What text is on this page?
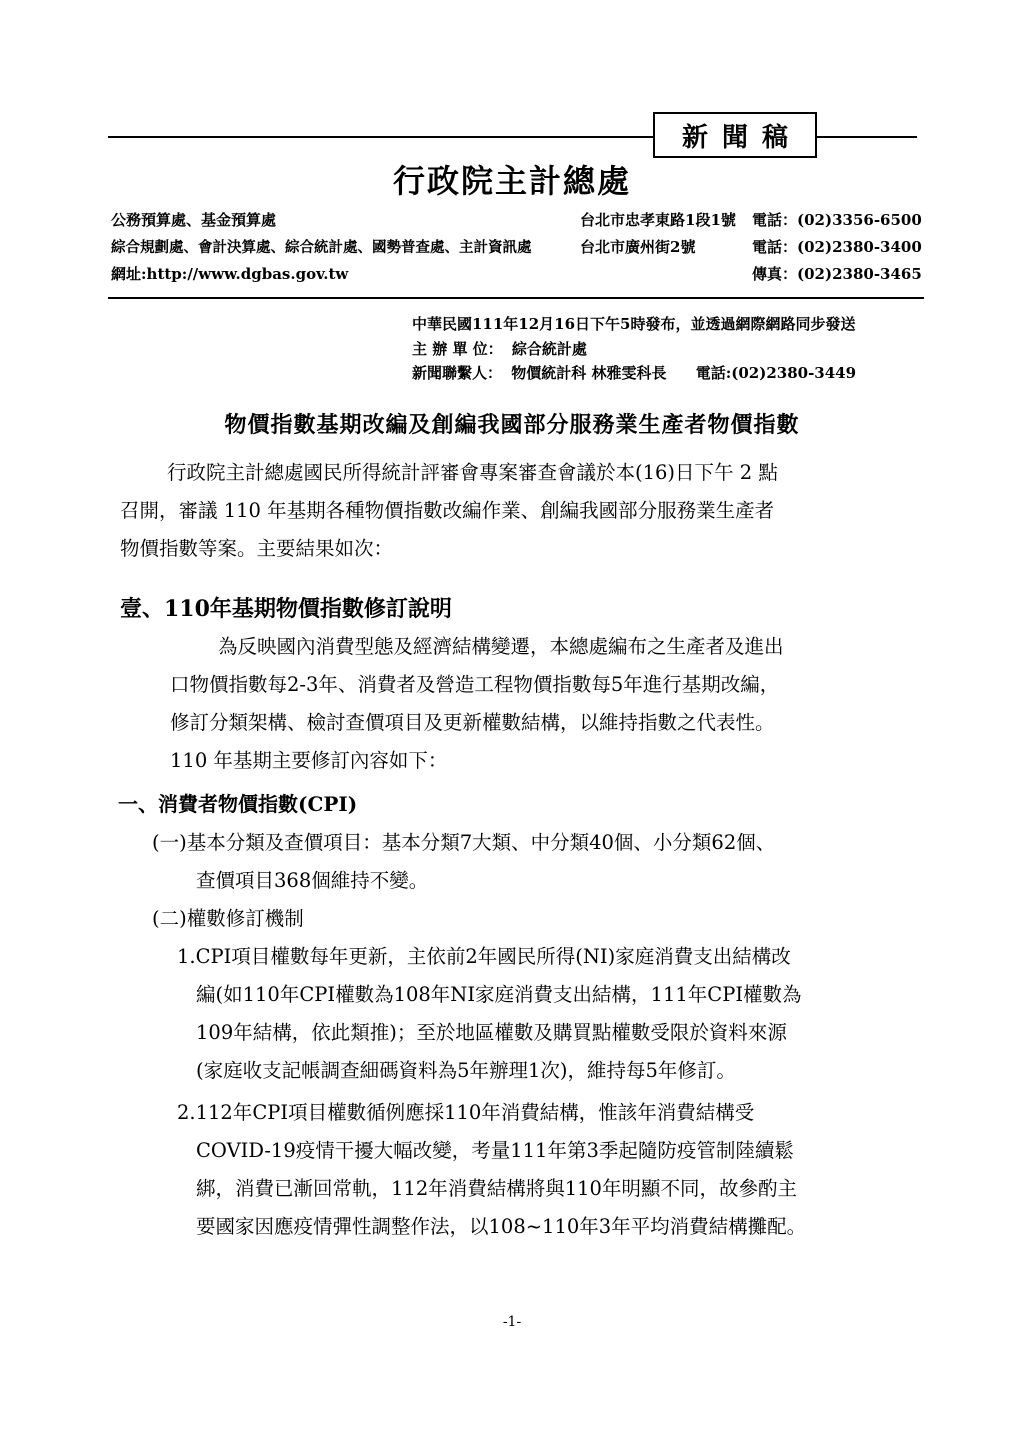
新聞稿
行政院主計總處
公務預算處、基金預算處	台北市忠孝東路1段1號 電話：(02)3356-6500
綜合規劃處、會計決算處、綜合統計處、國勢普查處、主計資訊處	台北市廣州街2號	電話：(02)2380-3400
網址:http://www.dgbas.gov.tw	傳真：(02)2380-3465
中華民國111年12月16日下午5時發布，並透過網際網路同步發送
主 辦 單 位： 綜合統計處
新聞聯繫人： 物價統計科 林雅雯科長 電話:(02)2380-3449
物價指數基期改編及創編我國部分服務業生產者物價指數
行政院主計總處國民所得統計評審會專案審查會議於本(16)日下午 2 點
召開，審議 110 年基期各種物價指數改編作業、創編我國部分服務業生產者
物價指數等案。主要結果如次：
壹、110年基期物價指數修訂說明
為反映國內消費型態及經濟結構變遷，本總處編布之生產者及進出
口物價指數每2-3年、消費者及營造工程物價指數每5年進行基期改編，
修訂分類架構、檢討查價項目及更新權數結構，以維持指數之代表性。
110 年基期主要修訂內容如下：
一、消費者物價指數(CPI)
(一)基本分類及查價項目：基本分類7大類、中分類40個、小分類62個、
查價項目368個維持不變。
(二)權數修訂機制
1.CPI項目權數每年更新，主依前2年國民所得(NI)家庭消費支出結構改
編(如110年CPI權數為108年NI家庭消費支出結構，111年CPI權數為
109年結構，依此類推)；至於地區權數及購買點權數受限於資料來源
(家庭收支記帳調查細碼資料為5年辦理1次)，維持每5年修訂。
2.112年CPI項目權數循例應採110年消費結構，惟該年消費結構受
COVID-19疫情干擾大幅改變，考量111年第3季起隨防疫管制陸續鬆
綁，消費已漸回常軌，112年消費結構將與110年明顯不同，故參酌主
要國家因應疫情彈性調整作法，以108~110年3年平均消費結構攤配。
-1-
